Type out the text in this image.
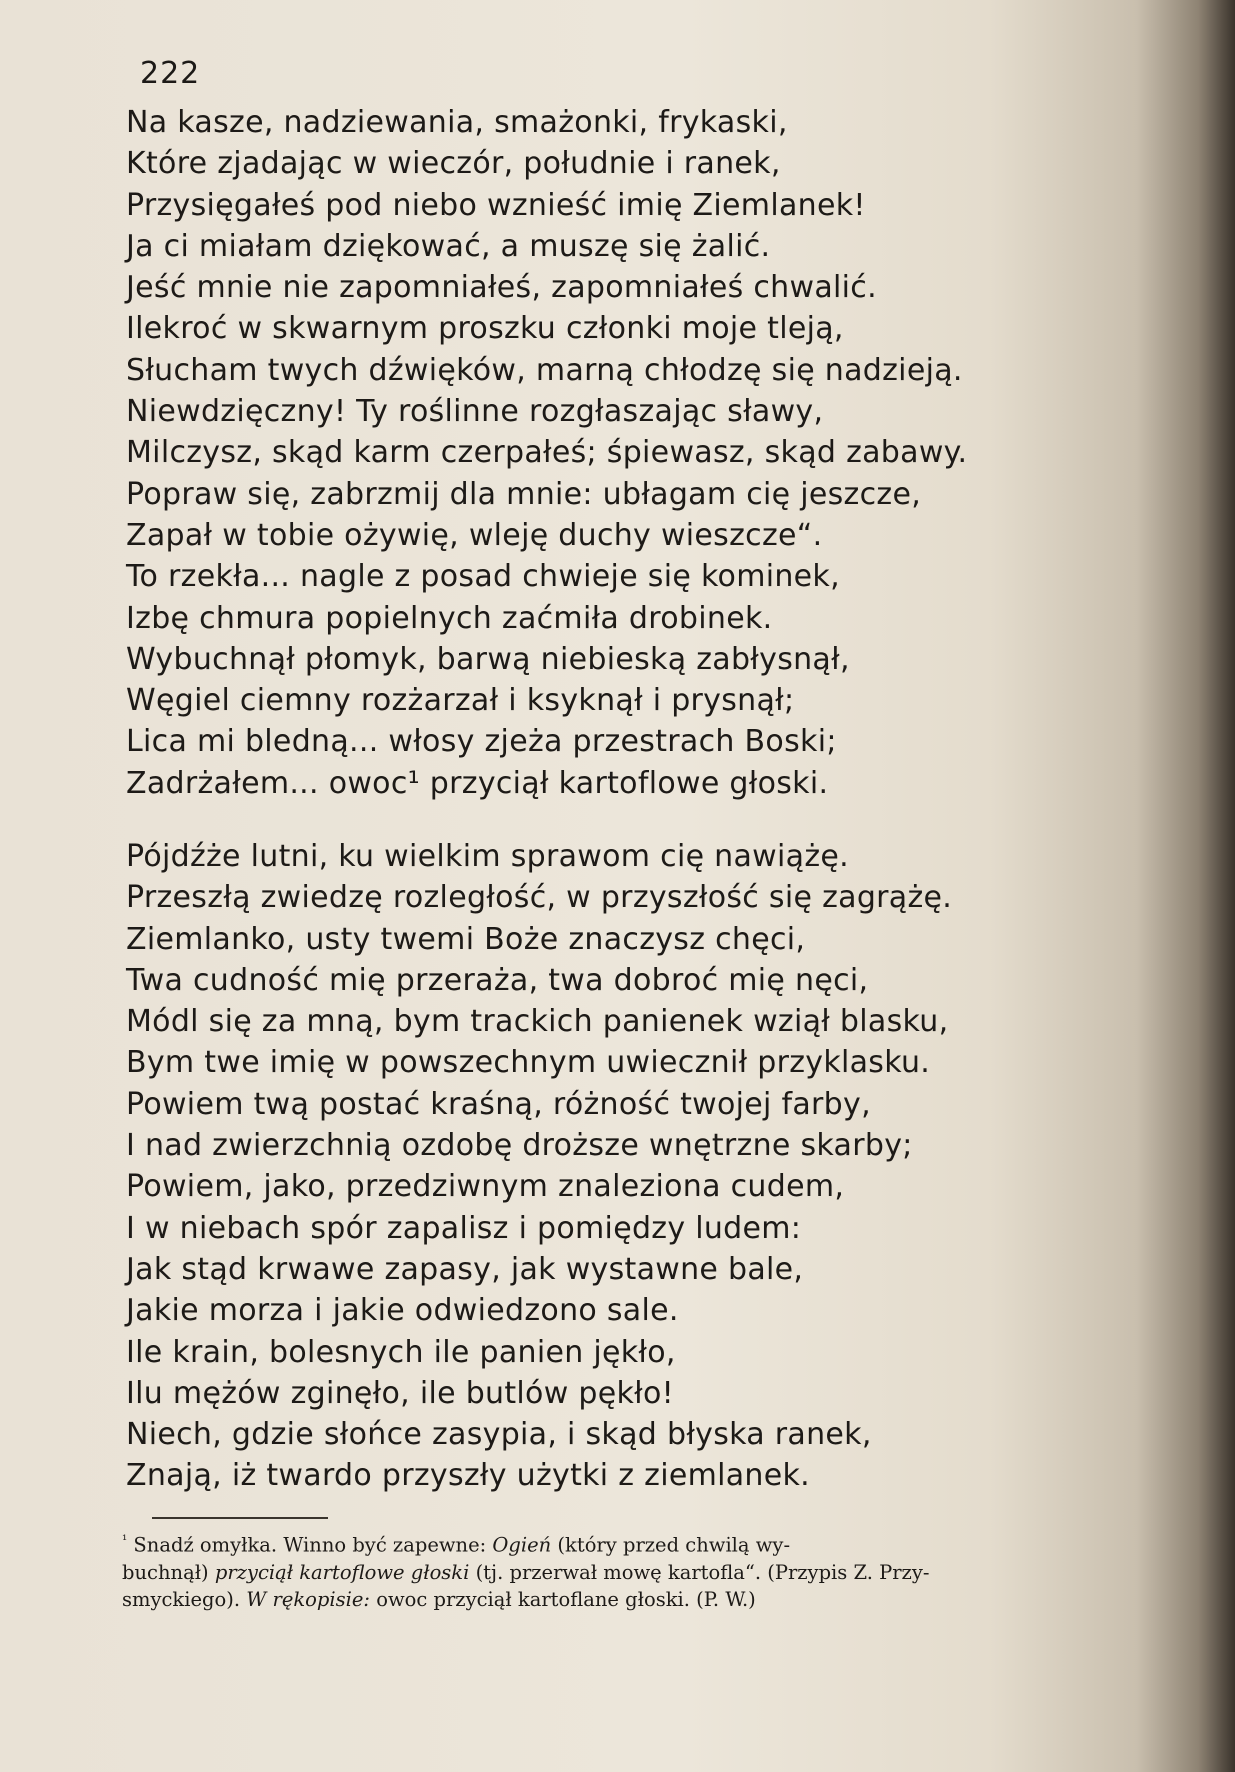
222
Na kasze, nadziewania, smażonki, frykaski,
Które zjadając w wieczór, południe i ranek,
Przysięgałeś pod niebo wznieść imię Ziemlanek!
Ja ci miałam dziękować, a muszę się żalić.
Jeść mnie nie zapomniałeś, zapomniałeś chwalić.
Ilekroć w skwarnym proszku członki moje tleją,
Słucham twych dźwięków, marną chłodzę się nadzieją.
Niewdzięczny! Ty roślinne rozgłaszając sławy,
Milczysz, skąd karm czerpałeś; śpiewasz, skąd zabawy.
Popraw się, zabrzmij dla mnie: ubłagam cię jeszcze,
Zapał w tobie ożywię, wleję duchy wieszcze“.
To rzekła... nagle z posad chwieje się kominek,
Izbę chmura popielnych zaćmiła drobinek.
Wybuchnął płomyk, barwą niebieską zabłysnął,
Węgiel ciemny rozżarzał i ksyknął i prysnął;
Lica mi bledną... włosy zjeża przestrach Boski;
Zadrżałem... owoc¹ przyciął kartoflowe głoski.
Pójdźże lutni, ku wielkim sprawom cię nawiążę.
Przeszłą zwiedzę rozległość, w przyszłość się zagrążę.
Ziemlanko, usty twemi Boże znaczysz chęci,
Twa cudność mię przeraża, twa dobroć mię nęci,
Módl się za mną, bym trackich panienek wziął blasku,
Bym twe imię w powszechnym uwiecznił przyklasku.
Powiem twą postać kraśną, różność twojej farby,
I nad zwierzchnią ozdobę droższe wnętrzne skarby;
Powiem, jako, przedziwnym znaleziona cudem,
I w niebach spór zapalisz i pomiędzy ludem:
Jak stąd krwawe zapasy, jak wystawne bale,
Jakie morza i jakie odwiedzono sale.
Ile krain, bolesnych ile panien jękło,
Ilu mężów zginęło, ile butlów pękło!
Niech, gdzie słońce zasypia, i skąd błyska ranek,
Znają, iż twardo przyszły użytki z ziemlanek.
$^{^1}$ Snadź omyłka. Winno być zapewne: Ogień (który przed chwilą wy-
buchnął) przyciął kartoflowe głoski (tj. przerwał mowę kartofla“. (Przypis Z. Przy-
smyckiego). W rękopisie: owoc przyciął kartoflane głoski. (P. W.)
